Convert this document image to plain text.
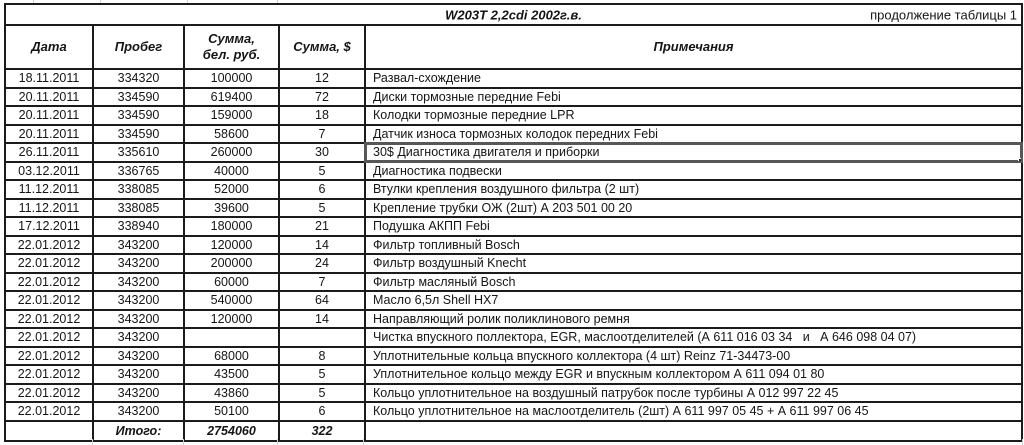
W203T 2,2cdi 2002г.в. продолжение таблицы 1				

Дата	Пробег	Сумма, бел. руб.	Сумма, $	Примечания
18.11.2011	334320	100000	12	Развал-схождение
20.11.2011	334590	619400	72	Диски тормозные передние Febi
20.11.2011	334590	159000	18	Колодки тормозные передние LPR
20.11.2011	334590	58600	7	Датчик износа тормозных колодок передних Febi
26.11.2011	335610	260000	30	30$ Диагностика двигателя и приборки

03.12.2011	336765	40000	5	Диагностика подвески
11.12.2011	338085	52000	6	Втулки крепления воздушного фильтра (2 шт)
11.12.2011	338085	39600	5	Крепление трубки ОЖ (2шт) А 203 501 00 20
17.12.2011	338940	180000	21	Подушка АКПП Febi
22.01.2012	343200	120000	14	Фильтр топливный Bosch
22.01.2012	343200	200000	24	Фильтр воздушный Knecht
22.01.2012	343200	60000	7	Фильтр масляный Bosch
22.01.2012	343200	540000	64	Масло 6,5л Shell HX7
22.01.2012	343200	120000	14	Направляющий ролик поликлинового ремня
22.01.2012	343200			Чистка впускного поллектора, EGR, маслоотделителей (А 611 016 03 34   и   А 646 098 04 07)
22.01.2012	343200	68000	8	Уплотнительные кольца впускного коллектора (4 шт) Reinz 71-34473-00
22.01.2012	343200	43500	5	Уплотнительное кольцо между EGR и впускным коллектором А 611 094 01 80
22.01.2012	343200	43860	5	Кольцо уплотнительное на воздушный патрубок после турбины А 012 997 22 45
22.01.2012	343200	50100	6	Кольцо уплотнительное на маслоотделитель (2шт) А 611 997 05 45 + А 611 997 06 45
	Итого:	2754060	322	
